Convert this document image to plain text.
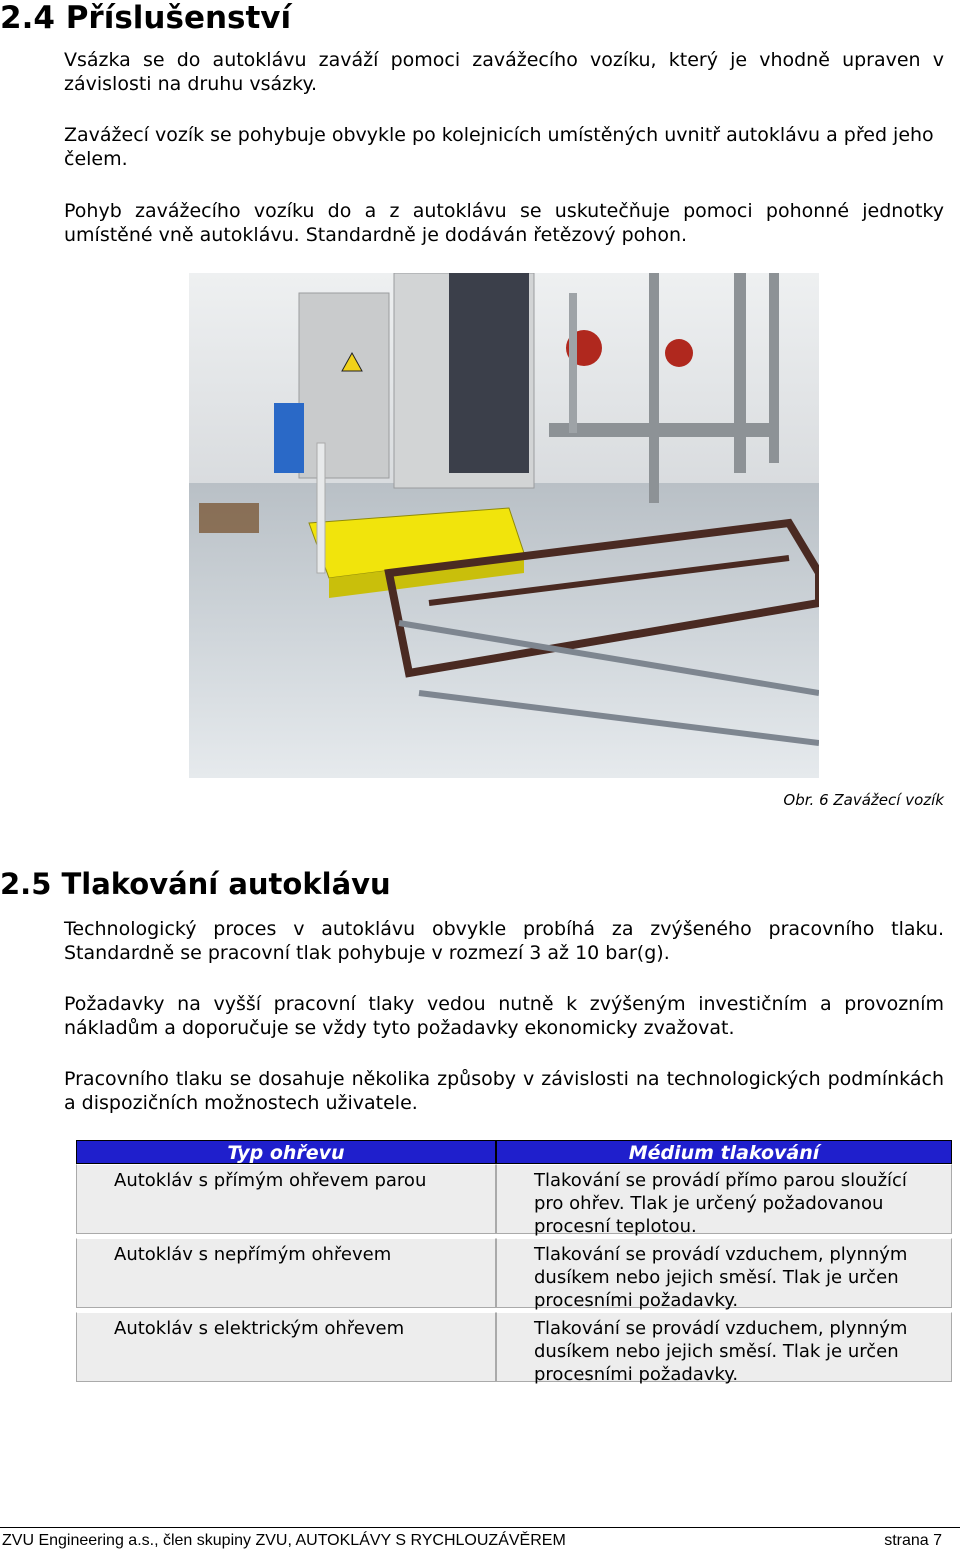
2.4 Příslušenství
Vsázka se do autoklávu zaváží pomoci zavážecího vozíku, který je vhodně upraven v závislosti na druhu vsázky.
Zavážecí vozík se pohybuje obvykle po kolejnicích umístěných uvnitř autoklávu a před jeho čelem.
Pohyb zavážecího vozíku do a z autoklávu se uskutečňuje pomoci pohonné jednotky umístěné vně autoklávu. Standardně je dodáván řetězový pohon.
Obr. 6 Zavážecí vozík
2.5 Tlakování autoklávu
Technologický proces v autoklávu obvykle probíhá za zvýšeného pracovního tlaku. Standardně se pracovní tlak pohybuje v rozmezí 3 až 10 bar(g).
Požadavky na vyšší pracovní tlaky vedou nutně k zvýšeným investičním a provozním nákladům a doporučuje se vždy tyto požadavky ekonomicky zvažovat.
Pracovního tlaku se dosahuje několika způsoby v závislosti na technologických podmínkách a dispozičních možnostech uživatele.
Typ ohřevu
Autokláv s přímým ohřevem parou
Autokláv s nepřímým ohřevem
Autokláv s elektrickým ohřevem
Médium tlakování
Tlakování se provádí přímo parou sloužící pro ohřev. Tlak je určený požadovanou procesní teplotou.
Tlakování se provádí vzduchem, plynným dusíkem nebo jejich směsí. Tlak je určen procesními požadavky.
Tlakování se provádí vzduchem, plynným dusíkem nebo jejich směsí. Tlak je určen procesními požadavky.
ZVU Engineering a.s., člen skupiny ZVU, AUTOKLÁVY S RYCHLOUZÁVĚREM	strana 7
